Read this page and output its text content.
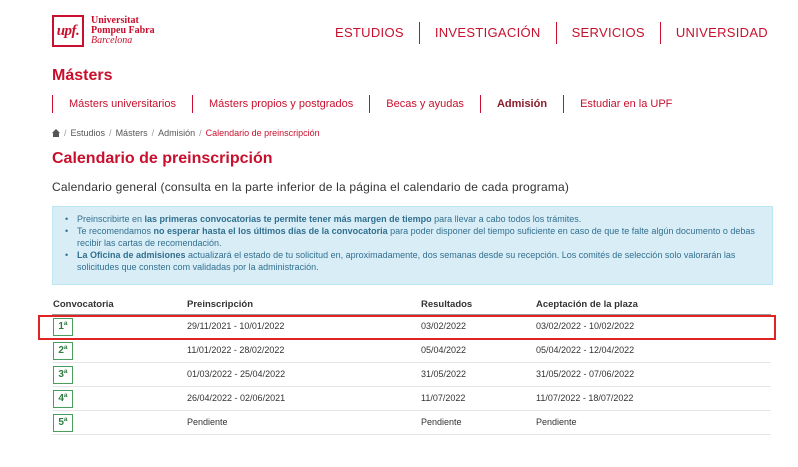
upf.
Universitat
Pompeu Fabra
Barcelona
ESTUDIOS	INVESTIGACIÓN	SERVICIOS	UNIVERSIDAD
Másters
Másters universitarios	Másters propios y postgrados	Becas y ayudas	Admisión	Estudiar en la UPF
/ Estudios / Másters / Admisión / Calendario de preinscripción
Calendario de preinscripción
Calendario general (consulta en la parte inferior de la página el calendario de cada programa)
• Preinscribirte en las primeras convocatorias te permite tener más margen de tiempo para llevar a cabo todos los trámites.
• Te recomendamos no esperar hasta el los últimos días de la convocatoria para poder disponer del tiempo suficiente en caso de que te falte algún documento o debas recibir las cartas de recomendación.
• La Oficina de admisiones actualizará el estado de tu solicitud en, aproximadamente, dos semanas desde su recepción. Los comités de selección solo valorarán las solicitudes que consten com validadas por la administración.
Convocatoria	Preinscripción	Resultados	Aceptación de la plaza
1ª	29/11/2021 - 10/01/2022	03/02/2022	03/02/2022 - 10/02/2022
2ª	11/01/2022 - 28/02/2022	05/04/2022	05/04/2022 - 12/04/2022
3ª	01/03/2022 - 25/04/2022	31/05/2022	31/05/2022 - 07/06/2022
4ª	26/04/2022 - 02/06/2021	11/07/2022	11/07/2022 - 18/07/2022
5ª	Pendiente	Pendiente	Pendiente
